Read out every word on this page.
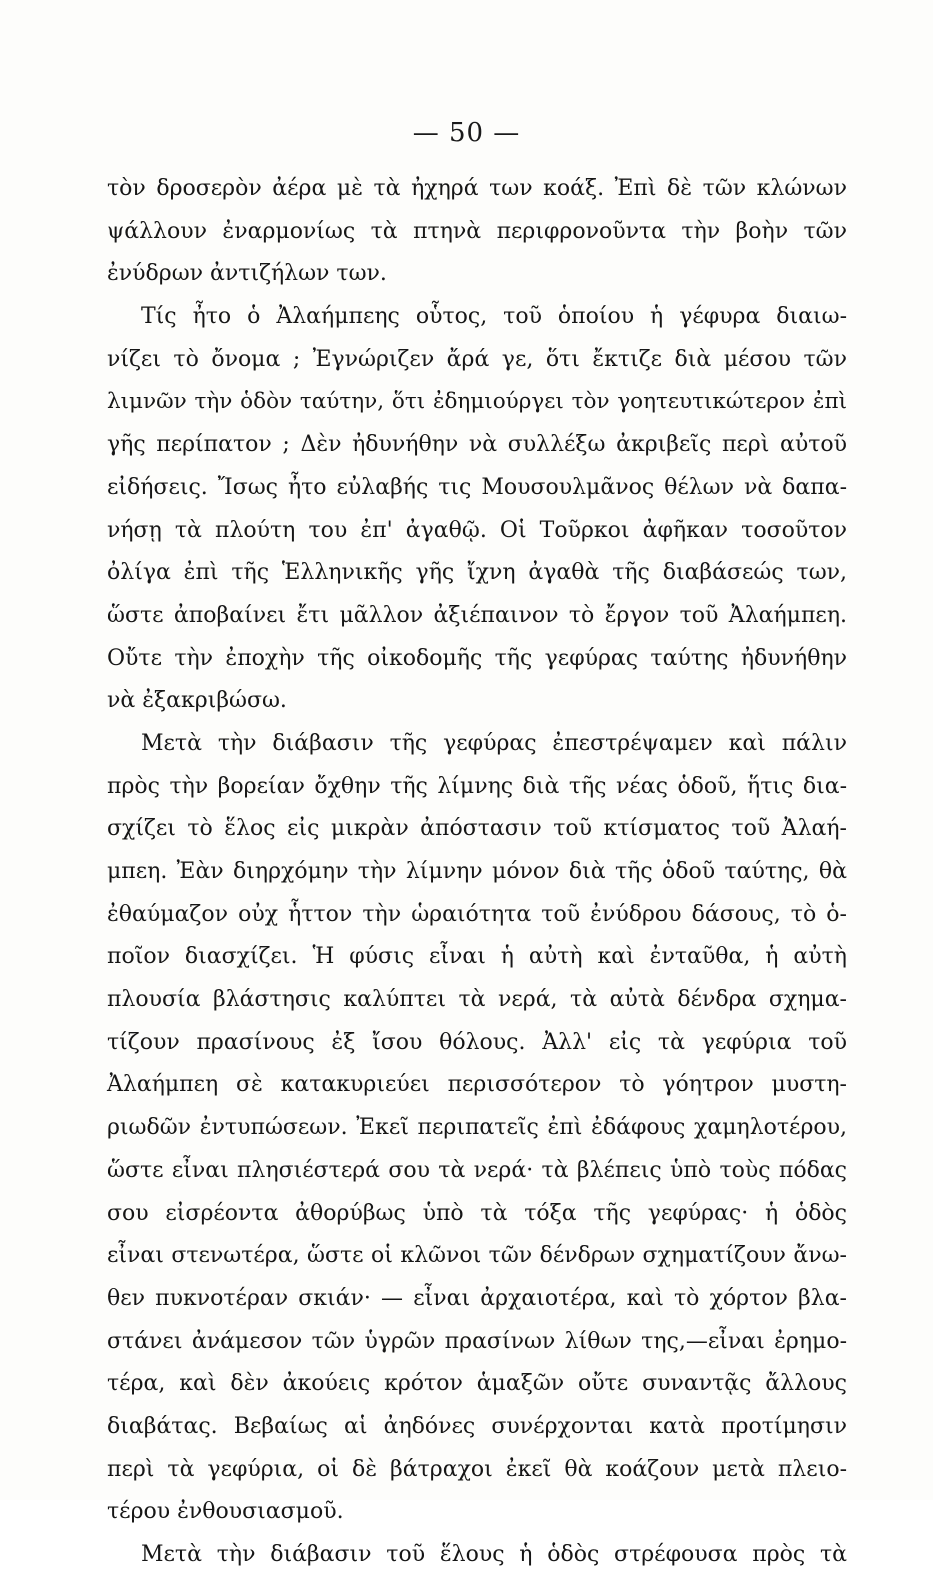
— 50 —
τὸν δροσερὸν ἀέρα μὲ τὰ ἠχηρά των κοάξ. Ἐπὶ δὲ τῶν κλώνων
ψάλλουν ἐναρμονίως τὰ πτηνὰ περιφρονοῦντα τὴν βοὴν τῶν
ἐνύδρων ἀντιζήλων των.
Τίς ἦτο ὁ Ἀλαήμπεης οὗτος, τοῦ ὁποίου ἡ γέφυρα διαιω-
νίζει τὸ ὄνομα ; Ἐγνώριζεν ἄρά γε, ὅτι ἔκτιζε διὰ μέσου τῶν
λιμνῶν τὴν ὁδὸν ταύτην, ὅτι ἐδημιούργει τὸν γοητευτικώτερον ἐπὶ
γῆς περίπατον ; Δὲν ἠδυνήθην νὰ συλλέξω ἀκριβεῖς περὶ αὐτοῦ
εἰδήσεις. Ἴσως ἦτο εὐλαβής τις Μουσουλμᾶνος θέλων νὰ δαπα-
νήσῃ τὰ πλούτη του ἐπ' ἀγαθῷ. Οἱ Τοῦρκοι ἀφῆκαν τοσοῦτον
ὀλίγα ἐπὶ τῆς Ἑλληνικῆς γῆς ἴχνη ἀγαθὰ τῆς διαβάσεώς των,
ὥστε ἀποβαίνει ἔτι μᾶλλον ἀξιέπαινον τὸ ἔργον τοῦ Ἀλαήμπεη.
Οὔτε τὴν ἐποχὴν τῆς οἰκοδομῆς τῆς γεφύρας ταύτης ἠδυνήθην
νὰ ἐξακριβώσω.
Μετὰ τὴν διάβασιν τῆς γεφύρας ἐπεστρέψαμεν καὶ πάλιν
πρὸς τὴν βορείαν ὄχθην τῆς λίμνης διὰ τῆς νέας ὁδοῦ, ἥτις δια-
σχίζει τὸ ἕλος εἰς μικρὰν ἀπόστασιν τοῦ κτίσματος τοῦ Ἀλαή-
μπεη. Ἐὰν διηρχόμην τὴν λίμνην μόνον διὰ τῆς ὁδοῦ ταύτης, θὰ
ἐθαύμαζον οὐχ ἧττον τὴν ὡραιότητα τοῦ ἐνύδρου δάσους, τὸ ὁ-
ποῖον διασχίζει. Ἡ φύσις εἶναι ἡ αὐτὴ καὶ ἐνταῦθα, ἡ αὐτὴ
πλουσία βλάστησις καλύπτει τὰ νερά, τὰ αὐτὰ δένδρα σχημα-
τίζουν πρασίνους ἐξ ἴσου θόλους. Ἀλλ' εἰς τὰ γεφύρια τοῦ
Ἀλαήμπεη σὲ κατακυριεύει περισσότερον τὸ γόητρον μυστη-
ριωδῶν ἐντυπώσεων. Ἐκεῖ περιπατεῖς ἐπὶ ἐδάφους χαμηλοτέρου,
ὥστε εἶναι πλησιέστερά σου τὰ νερά· τὰ βλέπεις ὑπὸ τοὺς πόδας
σου εἰσρέοντα ἀθορύβως ὑπὸ τὰ τόξα τῆς γεφύρας· ἡ ὁδὸς
εἶναι στενωτέρα, ὥστε οἱ κλῶνοι τῶν δένδρων σχηματίζουν ἄνω-
θεν πυκνοτέραν σκιάν· — εἶναι ἀρχαιοτέρα, καὶ τὸ χόρτον βλα-
στάνει ἀνάμεσον τῶν ὑγρῶν πρασίνων λίθων της,—εἶναι ἐρημο-
τέρα, καὶ δὲν ἀκούεις κρότον ἁμαξῶν οὔτε συναντᾷς ἄλλους
διαβάτας. Βεβαίως αἱ ἀηδόνες συνέρχονται κατὰ προτίμησιν
περὶ τὰ γεφύρια, οἱ δὲ βάτραχοι ἐκεῖ θὰ κοάζουν μετὰ πλειο-
τέρου ἐνθουσιασμοῦ.
Μετὰ τὴν διάβασιν τοῦ ἕλους ἡ ὁδὸς στρέφουσα πρὸς τὰ
